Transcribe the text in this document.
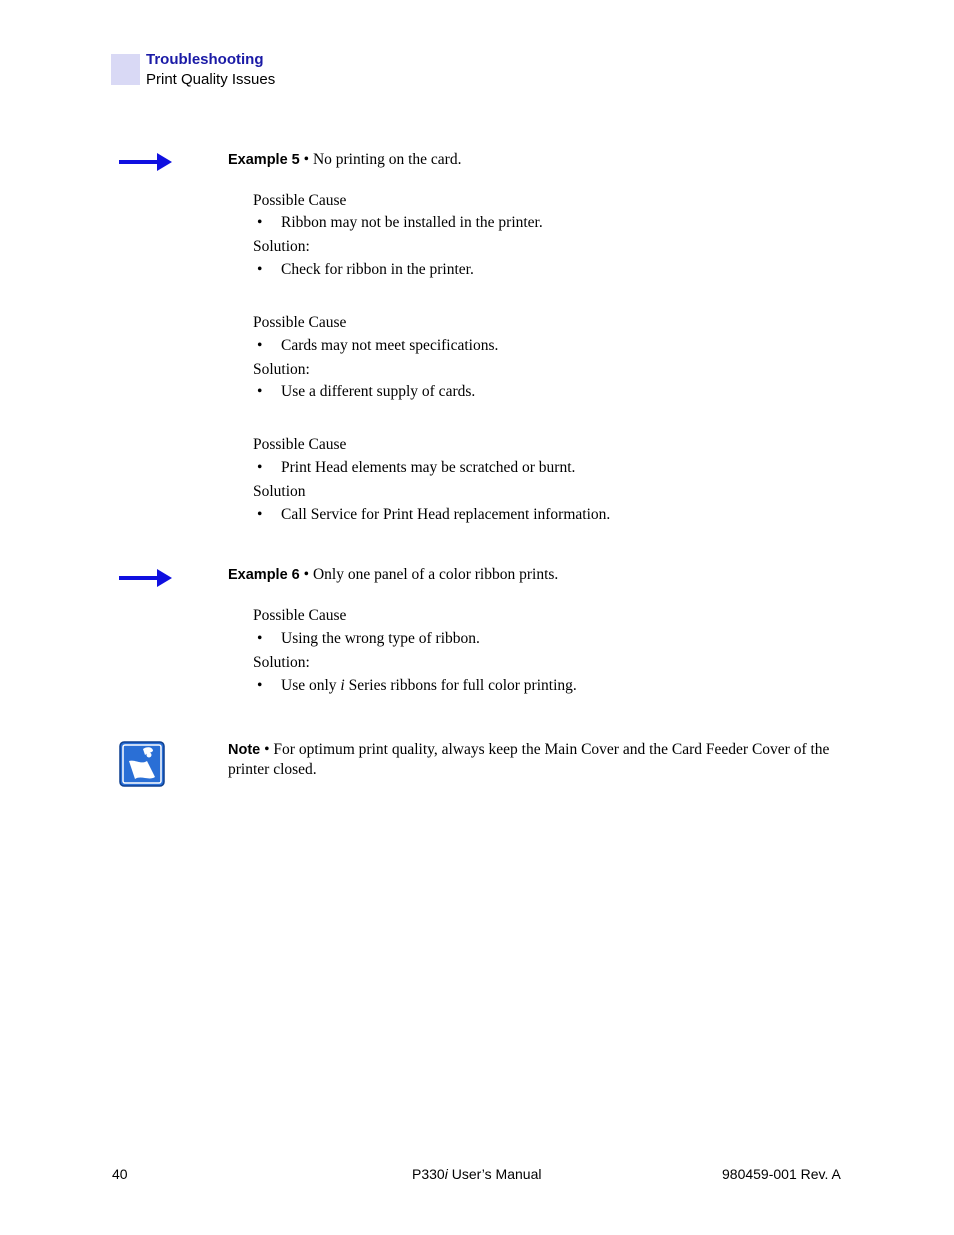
Troubleshooting
Print Quality Issues
Example 5 • No printing on the card.
Possible Cause
• Ribbon may not be installed in the printer.
Solution:
• Check for ribbon in the printer.
Possible Cause
• Cards may not meet specifications.
Solution:
• Use a different supply of cards.
Possible Cause
• Print Head elements may be scratched or burnt.
Solution
• Call Service for Print Head replacement information.
Example 6 • Only one panel of a color ribbon prints.
Possible Cause
• Using the wrong type of ribbon.
Solution:
• Use only i Series ribbons for full color printing.
Note • For optimum print quality, always keep the Main Cover and the Card Feeder Cover of the printer closed.
40	P330i User’s Manual	980459-001 Rev. A
